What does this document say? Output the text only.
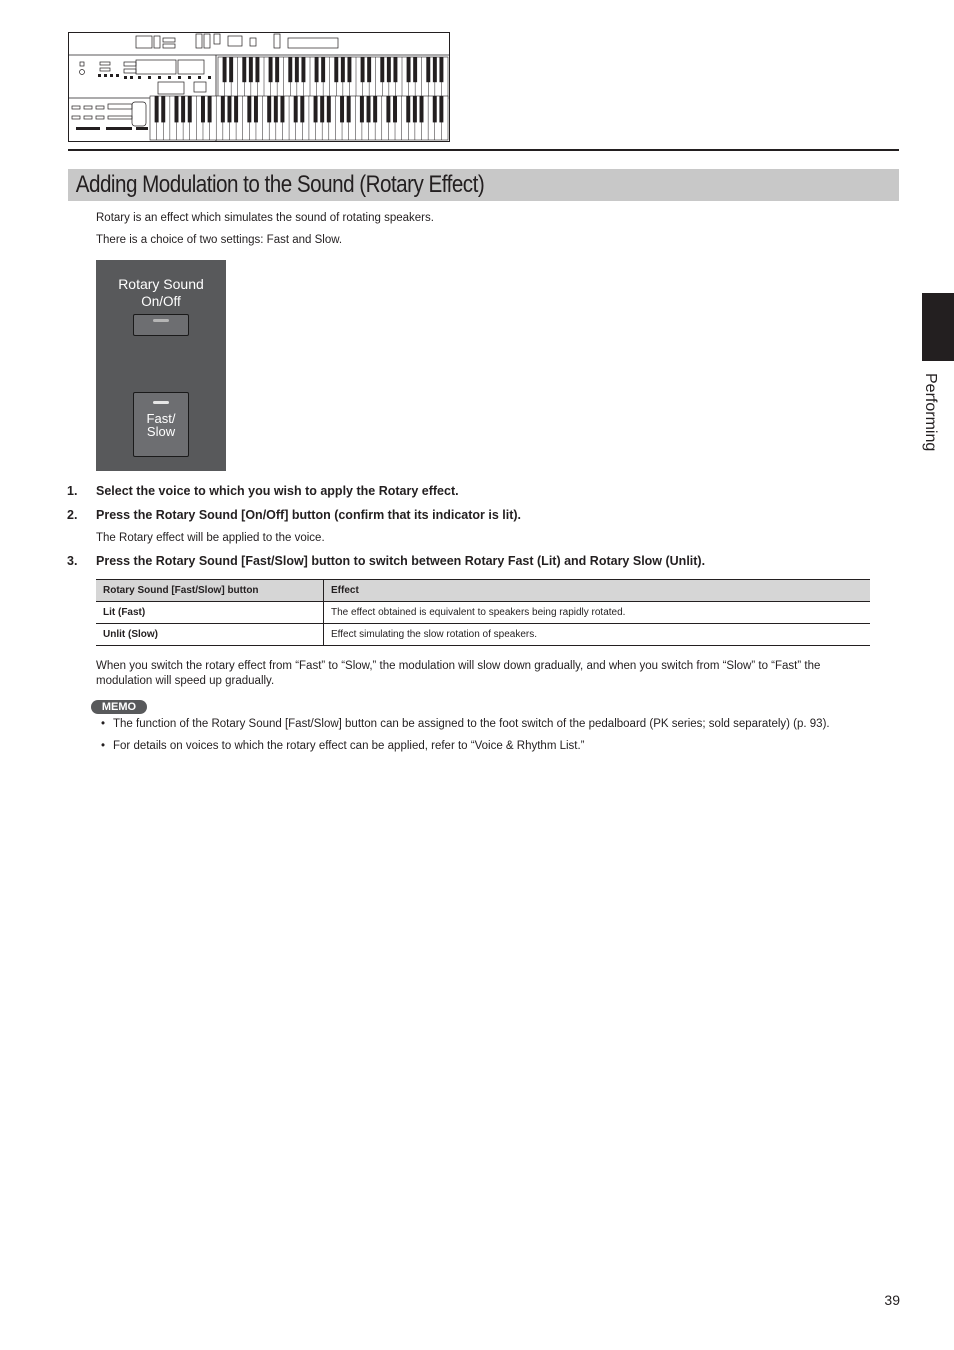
Adding Modulation to the Sound (Rotary Effect)
Rotary is an effect which simulates the sound of rotating speakers.
There is a choice of two settings: Fast and Slow.
Rotary Sound
On/Off
Fast/
Slow
1. Select the voice to which you wish to apply the Rotary effect.
2. Press the Rotary Sound [On/Off] button (confirm that its indicator is lit).
The Rotary effect will be applied to the voice.
3. Press the Rotary Sound [Fast/Slow] button to switch between Rotary Fast (Lit) and Rotary Slow (Unlit).
Rotary Sound [Fast/Slow] button	Effect
Lit (Fast)	The effect obtained is equivalent to speakers being rapidly rotated.
Unlit (Slow)	Effect simulating the slow rotation of speakers.
When you switch the rotary effect from “Fast” to “Slow,” the modulation will slow down gradually, and when you switch from “Slow” to “Fast” the
modulation will speed up gradually.
MEMO
• The function of the Rotary Sound [Fast/Slow] button can be assigned to the foot switch of the pedalboard (PK series; sold separately) (p. 93).
• For details on voices to which the rotary effect can be applied, refer to “Voice & Rhythm List.”
Performing
39
